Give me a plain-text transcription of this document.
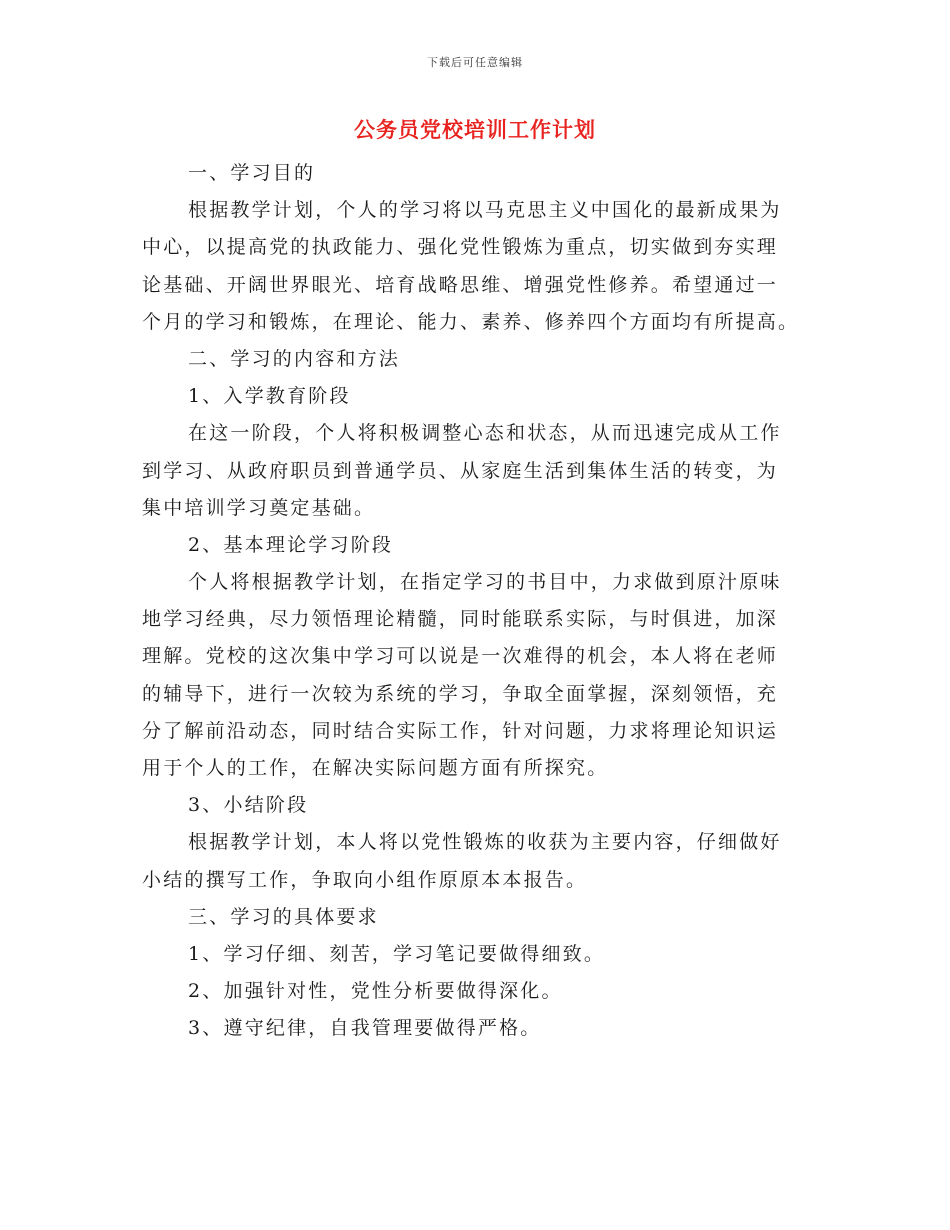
下载后可任意编辑
公务员党校培训工作计划

一、学习目的

根据教学计划，个人的学习将以马克思主义中国化的最新成果为

中心，以提高党的执政能力、强化党性锻炼为重点，切实做到夯实理

论基础、开阔世界眼光、培育战略思维、增强党性修养。希望通过一

个月的学习和锻炼，在理论、能力、素养、修养四个方面均有所提高。

二、学习的内容和方法

1、入学教育阶段

在这一阶段，个人将积极调整心态和状态，从而迅速完成从工作

到学习、从政府职员到普通学员、从家庭生活到集体生活的转变，为

集中培训学习奠定基础。

2、基本理论学习阶段

个人将根据教学计划，在指定学习的书目中，力求做到原汁原味

地学习经典，尽力领悟理论精髓，同时能联系实际，与时俱进，加深

理解。党校的这次集中学习可以说是一次难得的机会，本人将在老师

的辅导下，进行一次较为系统的学习，争取全面掌握，深刻领悟，充

分了解前沿动态，同时结合实际工作，针对问题，力求将理论知识运

用于个人的工作，在解决实际问题方面有所探究。

3、小结阶段

根据教学计划，本人将以党性锻炼的收获为主要内容，仔细做好

小结的撰写工作，争取向小组作原原本本报告。

三、学习的具体要求

1、学习仔细、刻苦，学习笔记要做得细致。

2、加强针对性，党性分析要做得深化。

3、遵守纪律，自我管理要做得严格。
